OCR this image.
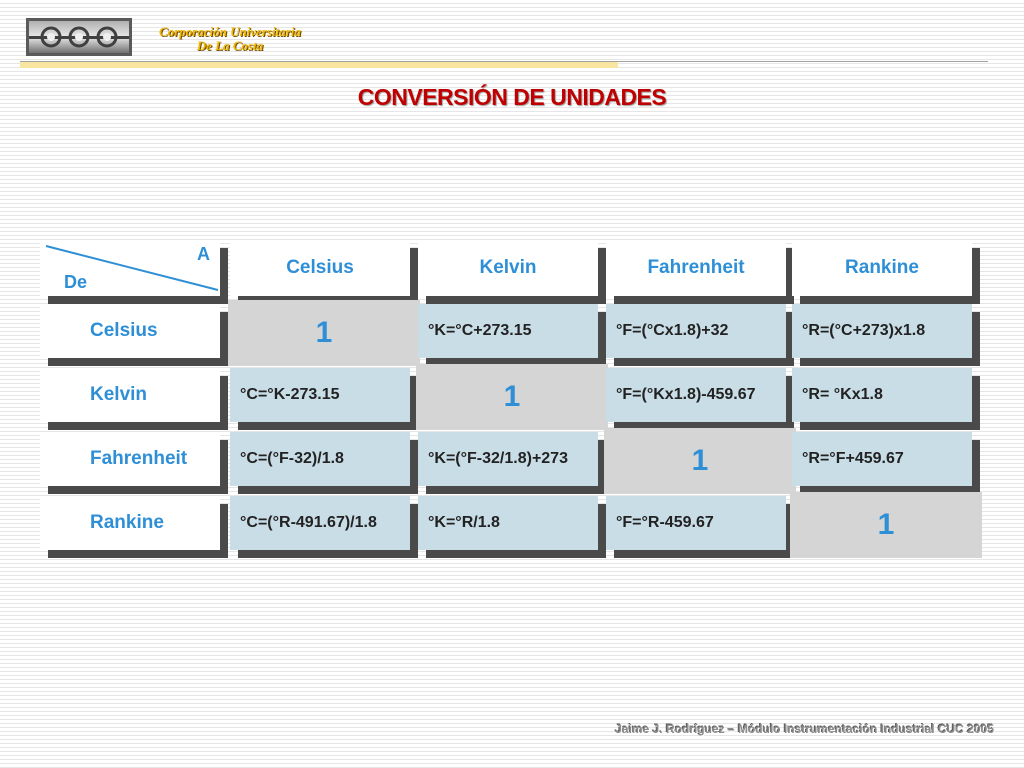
Corporación Universitaria
De La Costa
CONVERSIÓN DE UNIDADES
A
De
Celsius	Kelvin	Fahrenheit	Rankine
Celsius	1	°K=°C+273.15	°F=(°Cx1.8)+32	°R=(°C+273)x1.8
Kelvin	°C=°K-273.15	1	°F=(°Kx1.8)-459.67	°R= °Kx1.8
Fahrenheit	°C=(°F-32)/1.8	°K=(°F-32/1.8)+273	1	°R=°F+459.67
Rankine	°C=(°R-491.67)/1.8	°K=°R/1.8	°F=°R-459.67	1
Jaime J. Rodríguez – Módulo Instrumentación Industrial CUC 2005
